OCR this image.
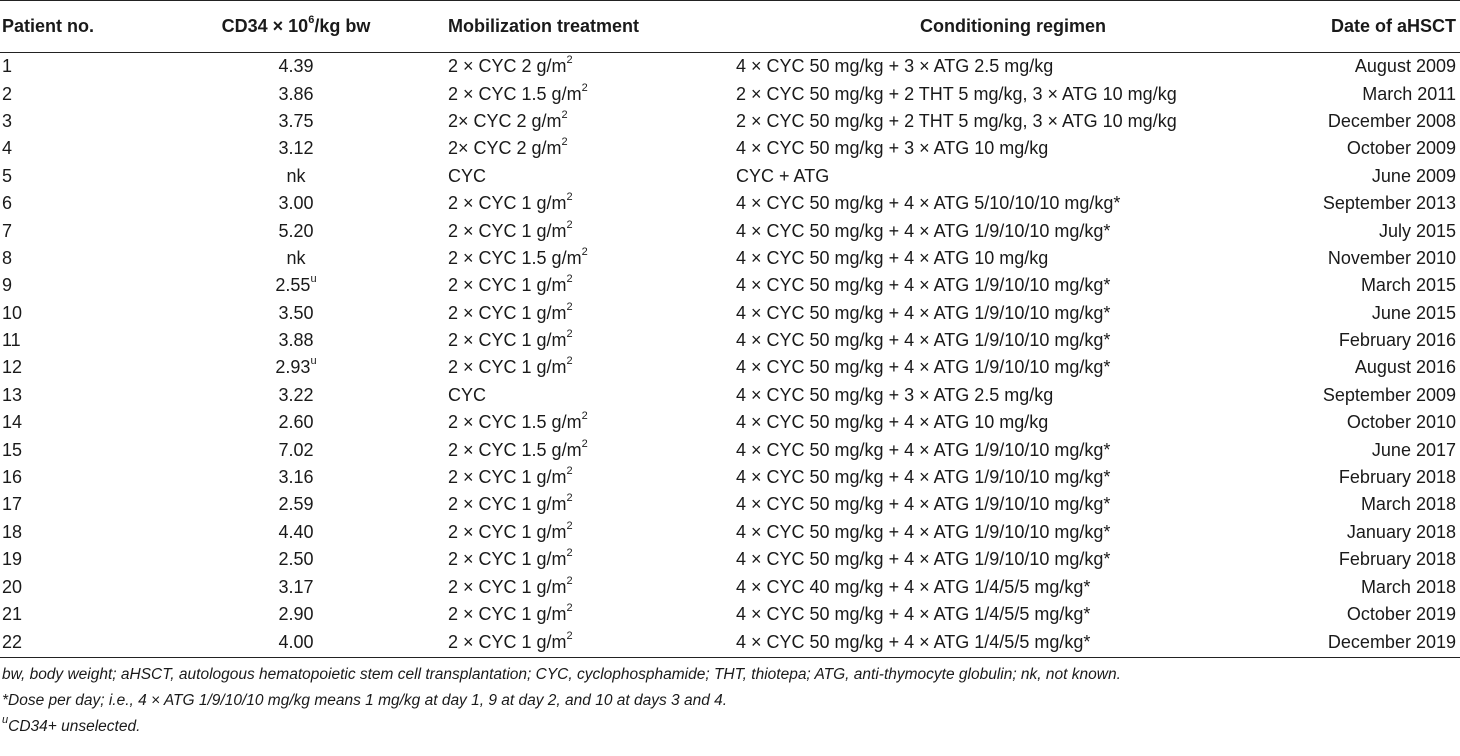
Patient no.	$CD34 \times 10^6/kg$ bw	Mobilization treatment	Conditioning regimen	Date of aHSCT
1	4.39	2 × CYC 2 $g/m^2$	4 × CYC 50 mg/kg + 3 × ATG 2.5 mg/kg	August 2009
2	3.86	2 × CYC 1.5 $g/m^2$	2 × CYC 50 mg/kg + 2 THT 5 mg/kg, 3 × ATG 10 mg/kg	March 2011
3	3.75	2× CYC 2 $g/m^2$	2 × CYC 50 mg/kg + 2 THT 5 mg/kg, 3 × ATG 10 mg/kg	December 2008
4	3.12	2× CYC 2 $g/m^2$	4 × CYC 50 mg/kg + 3 × ATG 10 mg/kg	October 2009
5	nk	CYC	CYC + ATG	June 2009
6	3.00	2 × CYC 1 $g/m^2$	4 × CYC 50 mg/kg + 4 × ATG 5/10/10/10 mg/kg*	September 2013
7	5.20	2 × CYC 1 $g/m^2$	4 × CYC 50 mg/kg + 4 × ATG 1/9/10/10 mg/kg*	July 2015
8	nk	2 × CYC 1.5 $g/m^2$	4 × CYC 50 mg/kg + 4 × ATG 10 mg/kg	November 2010
9	2.55$^u$	2 × CYC 1 $g/m^2$	4 × CYC 50 mg/kg + 4 × ATG 1/9/10/10 mg/kg*	March 2015
10	3.50	2 × CYC 1 $g/m^2$	4 × CYC 50 mg/kg + 4 × ATG 1/9/10/10 mg/kg*	June 2015
11	3.88	2 × CYC 1 $g/m^2$	4 × CYC 50 mg/kg + 4 × ATG 1/9/10/10 mg/kg*	February 2016
12	2.93$^u$	2 × CYC 1 $g/m^2$	4 × CYC 50 mg/kg + 4 × ATG 1/9/10/10 mg/kg*	August 2016
13	3.22	CYC	4 × CYC 50 mg/kg + 3 × ATG 2.5 mg/kg	September 2009
14	2.60	2 × CYC 1.5 $g/m^2$	4 × CYC 50 mg/kg + 4 × ATG 10 mg/kg	October 2010
15	7.02	2 × CYC 1.5 $g/m^2$	4 × CYC 50 mg/kg + 4 × ATG 1/9/10/10 mg/kg*	June 2017
16	3.16	2 × CYC 1 $g/m^2$	4 × CYC 50 mg/kg + 4 × ATG 1/9/10/10 mg/kg*	February 2018
17	2.59	2 × CYC 1 $g/m^2$	4 × CYC 50 mg/kg + 4 × ATG 1/9/10/10 mg/kg*	March 2018
18	4.40	2 × CYC 1 $g/m^2$	4 × CYC 50 mg/kg + 4 × ATG 1/9/10/10 mg/kg*	January 2018
19	2.50	2 × CYC 1 $g/m^2$	4 × CYC 50 mg/kg + 4 × ATG 1/9/10/10 mg/kg*	February 2018
20	3.17	2 × CYC 1 $g/m^2$	4 × CYC 40 mg/kg + 4 × ATG 1/4/5/5 mg/kg*	March 2018
21	2.90	2 × CYC 1 $g/m^2$	4 × CYC 50 mg/kg + 4 × ATG 1/4/5/5 mg/kg*	October 2019
22	4.00	2 × CYC 1 $g/m^2$	4 × CYC 50 mg/kg + 4 × ATG 1/4/5/5 mg/kg*	December 2019
bw, body weight; aHSCT, autologous hematopoietic stem cell transplantation; CYC, cyclophosphamide; THT, thiotepa; ATG, anti-thymocyte globulin; nk, not known.
*Dose per day; i.e., 4 × ATG 1/9/10/10 mg/kg means 1 mg/kg at day 1, 9 at day 2, and 10 at days 3 and 4.
$^u$CD34+ unselected.
